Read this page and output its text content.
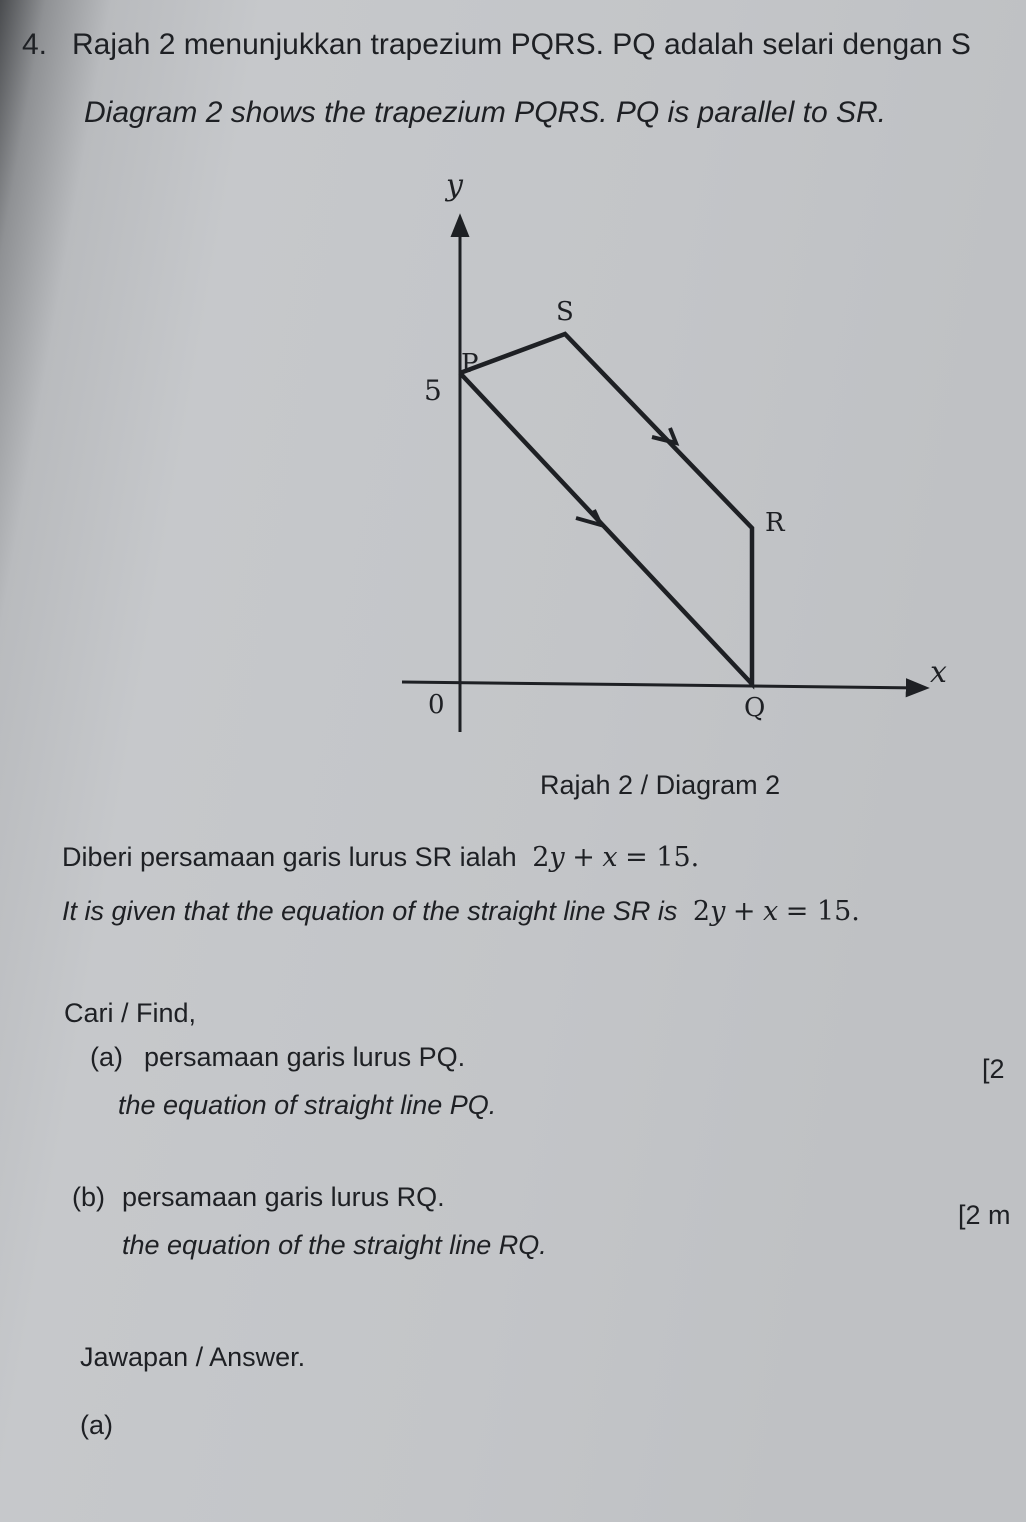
4. Rajah 2 menunjukkan trapezium PQRS. PQ adalah selari dengan S
Diagram 2 shows the trapezium PQRS. PQ is parallel to SR.
y
x
0
5
P
S
R
Q
Rajah 2 / Diagram 2
Diberi persamaan garis lurus SR ialah 2y + x = 15.
It is given that the equation of the straight line SR is 2y + x = 15.
Cari / Find,
(a) persamaan garis lurus PQ.	[2
the equation of straight line PQ.
(b) persamaan garis lurus RQ.
[2 m
the equation of the straight line RQ.
Jawapan / Answer.
(a)
